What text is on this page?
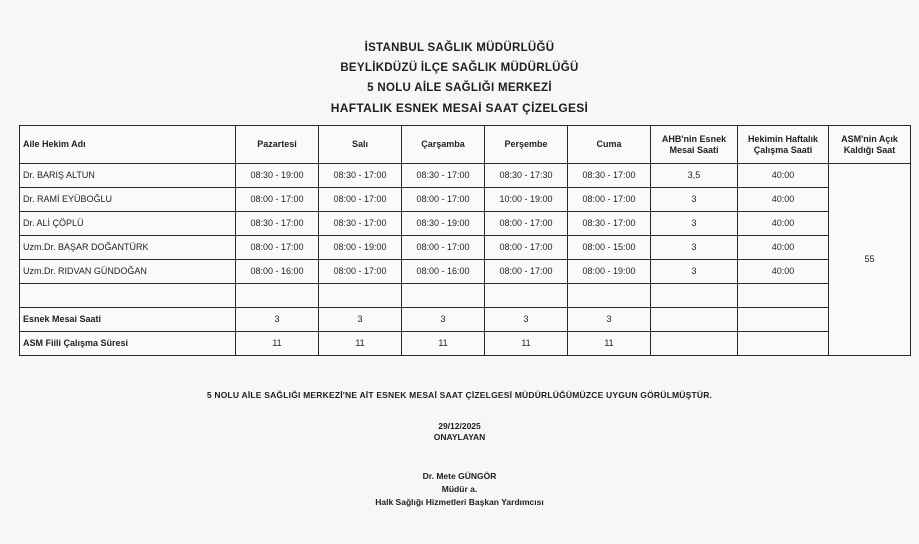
İSTANBUL SAĞLIK MÜDÜRLÜĞÜ
BEYLİKDÜZÜ İLÇE SAĞLIK MÜDÜRLÜĞÜ
5 NOLU AİLE SAĞLIĞI MERKEZİ
HAFTALIK ESNEK MESAİ SAAT ÇİZELGESİ
Aile Hekim Adı	Pazartesi	Salı	Çarşamba	Perşembe	Cuma	AHB'nin Esnek Mesai Saati	Hekimin Haftalık Çalışma Saati	ASM'nin Açık Kaldığı Saat
Dr. BARIŞ ALTUN	08:30 - 19:00	08:30 - 17:00	08:30 - 17:00	08:30 - 17:30	08:30 - 17:00	3,5	40:00	55
Dr. RAMİ EYÜBOĞLU	08:00 - 17:00	08:00 - 17:00	08:00 - 17:00	10:00 - 19:00	08:00 - 17:00	3	40:00	
Dr. ALİ ÇÖPLÜ	08:30 - 17:00	08:30 - 17:00	08:30 - 19:00	08:00 - 17:00	08:30 - 17:00	3	40:00	
Uzm.Dr. BAŞAR DOĞANTÜRK	08:00 - 17:00	08:00 - 19:00	08:00 - 17:00	08:00 - 17:00	08:00 - 15:00	3	40:00	
Uzm.Dr. RIDVAN GÜNDOĞAN	08:00 - 16:00	08:00 - 17:00	08:00 - 16:00	08:00 - 17:00	08:00 - 19:00	3	40:00	

Esnek Mesai Saati	3	3	3	3	3			
ASM Fiili Çalışma Süresi	11	11	11	11	11			
5 NOLU AİLE SAĞLIĞI MERKEZİ'NE AİT ESNEK MESAİ SAAT ÇİZELGESİ MÜDÜRLÜĞÜMÜZCE UYGUN GÖRÜLMÜŞTÜR.
29/12/2025
ONAYLAYAN
Dr. Mete GÜNGÖR
Müdür a.
Halk Sağlığı Hizmetleri Başkan Yardımcısı
